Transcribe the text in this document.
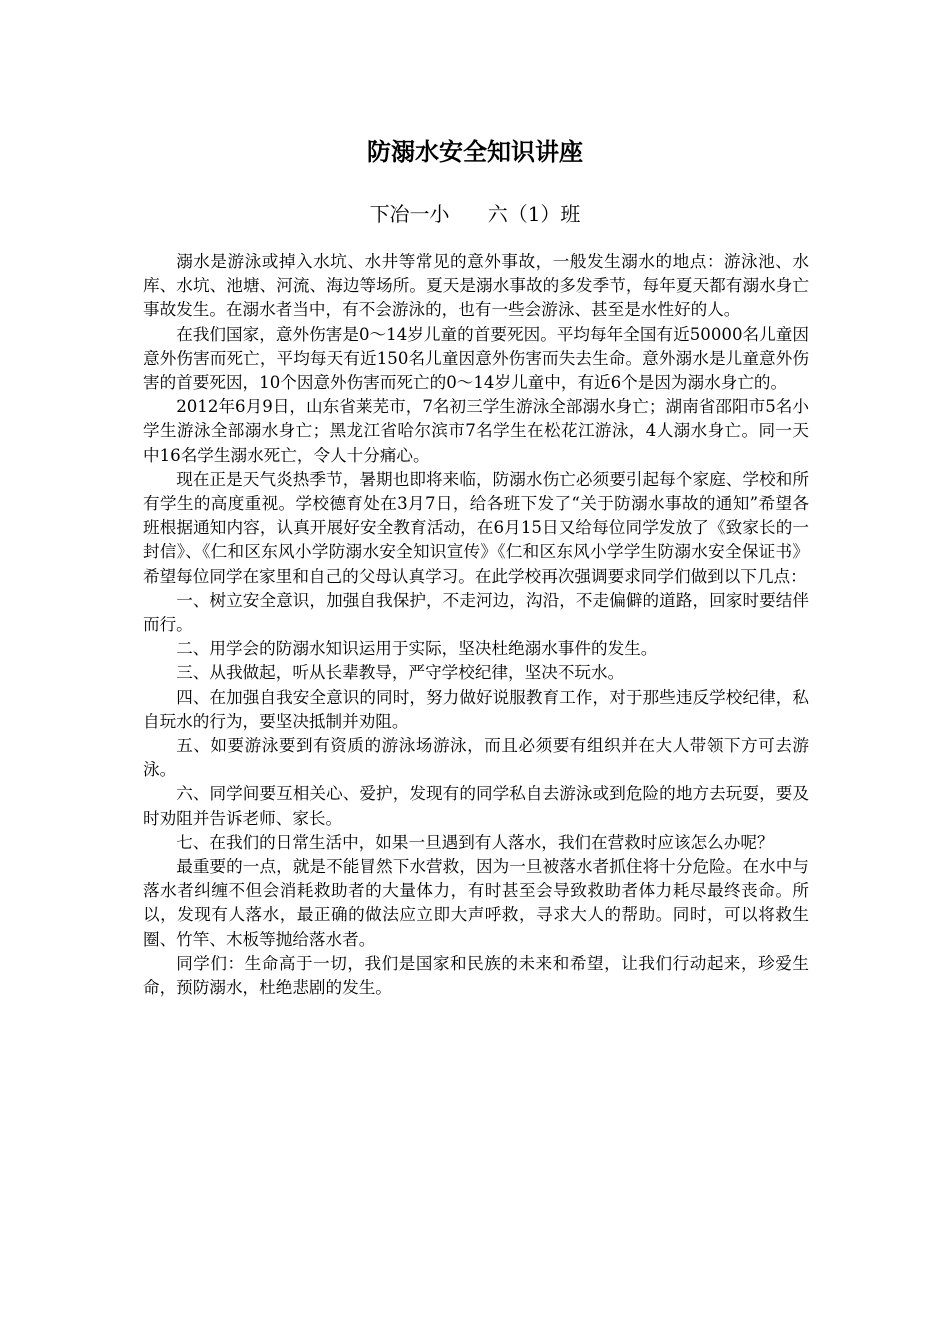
防溺水安全知识讲座

下冶一小      六（1）班

溺水是游泳或掉入水坑、水井等常见的意外事故，一般发生溺水的地点：游泳池、水库、水坑、池塘、河流、海边等场所。夏天是溺水事故的多发季节，每年夏天都有溺水身亡事故发生。在溺水者当中，有不会游泳的，也有一些会游泳、甚至是水性好的人。

在我们国家，意外伤害是0～14岁儿童的首要死因。平均每年全国有近50000名儿童因意外伤害而死亡，平均每天有近150名儿童因意外伤害而失去生命。意外溺水是儿童意外伤害的首要死因，10个因意外伤害而死亡的0～14岁儿童中，有近6个是因为溺水身亡的。

2012年6月9日，山东省莱芜市，7名初三学生游泳全部溺水身亡；湖南省邵阳市5名小学生游泳全部溺水身亡；黑龙江省哈尔滨市7名学生在松花江游泳，4人溺水身亡。同一天中16名学生溺水死亡，令人十分痛心。

现在正是天气炎热季节，暑期也即将来临，防溺水伤亡必须要引起每个家庭、学校和所有学生的高度重视。学校德育处在3月7日，给各班下发了“关于防溺水事故的通知”希望各班根据通知内容，认真开展好安全教育活动，在6月15日又给每位同学发放了《致家长的一封信》、《仁和区东风小学防溺水安全知识宣传》《仁和区东风小学学生防溺水安全保证书》希望每位同学在家里和自己的父母认真学习。在此学校再次强调要求同学们做到以下几点：

一、树立安全意识，加强自我保护，不走河边，沟沿，不走偏僻的道路，回家时要结伴而行。

二、用学会的防溺水知识运用于实际，坚决杜绝溺水事件的发生。

三、从我做起，听从长辈教导，严守学校纪律，坚决不玩水。

四、在加强自我安全意识的同时，努力做好说服教育工作，对于那些违反学校纪律，私自玩水的行为，要坚决抵制并劝阻。

五、如要游泳要到有资质的游泳场游泳，而且必须要有组织并在大人带领下方可去游泳。

六、同学间要互相关心、爱护，发现有的同学私自去游泳或到危险的地方去玩耍，要及时劝阻并告诉老师、家长。

七、在我们的日常生活中，如果一旦遇到有人落水，我们在营救时应该怎么办呢？

最重要的一点，就是不能冒然下水营救，因为一旦被落水者抓住将十分危险。在水中与落水者纠缠不但会消耗救助者的大量体力，有时甚至会导致救助者体力耗尽最终丧命。所以，发现有人落水，最正确的做法应立即大声呼救，寻求大人的帮助。同时，可以将救生圈、竹竿、木板等抛给落水者。

同学们：生命高于一切，我们是国家和民族的未来和希望，让我们行动起来，珍爱生命，预防溺水，杜绝悲剧的发生。
